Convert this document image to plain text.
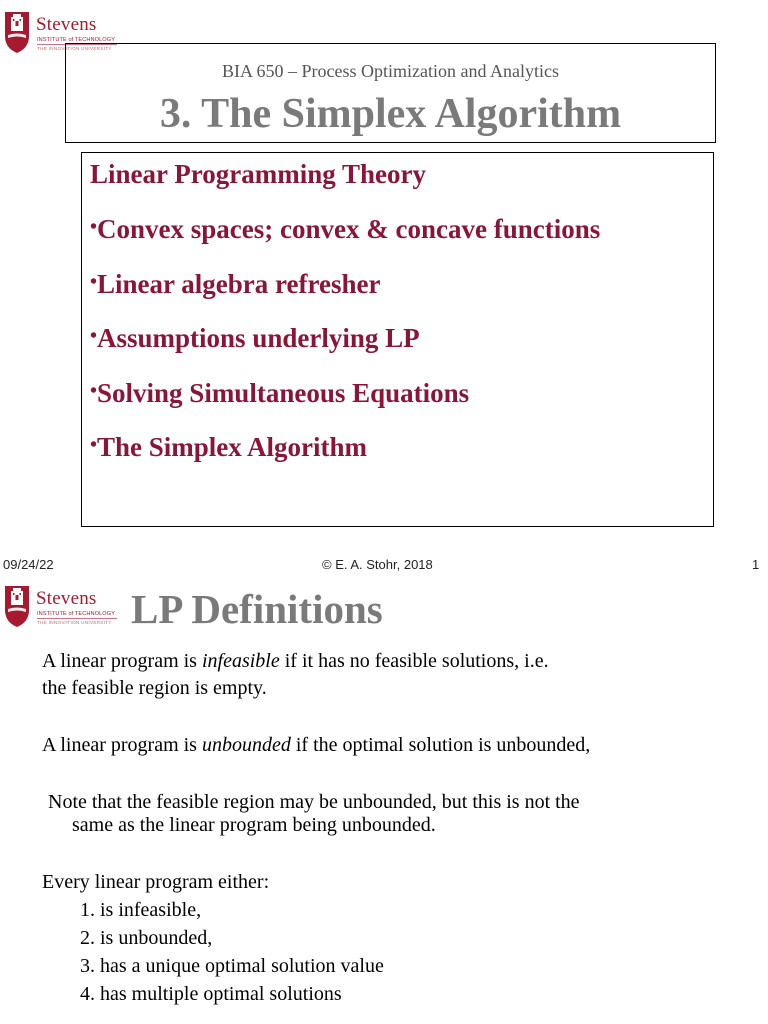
Stevens
INSTITUTE of TECHNOLOGY
THE INNOVATION UNIVERSITY
BIA 650 – Process Optimization and Analytics
3. The Simplex Algorithm
Linear Programming Theory
•Convex spaces; convex & concave functions
•Linear algebra refresher
•Assumptions underlying LP
•Solving Simultaneous Equations
•The Simplex Algorithm
09/24/22	© E. A. Stohr, 2018	1
Stevens
INSTITUTE of TECHNOLOGY
THE INNOVATION UNIVERSITY LP Definitions
A linear program is infeasible if it has no feasible solutions, i.e.
the feasible region is empty.
A linear program is unbounded if the optimal solution is unbounded,
Note that the feasible region may be unbounded, but this is not the
same as the linear program being unbounded.
Every linear program either:
1. is infeasible,
2. is unbounded,
3. has a unique optimal solution value
4. has multiple optimal solutions
